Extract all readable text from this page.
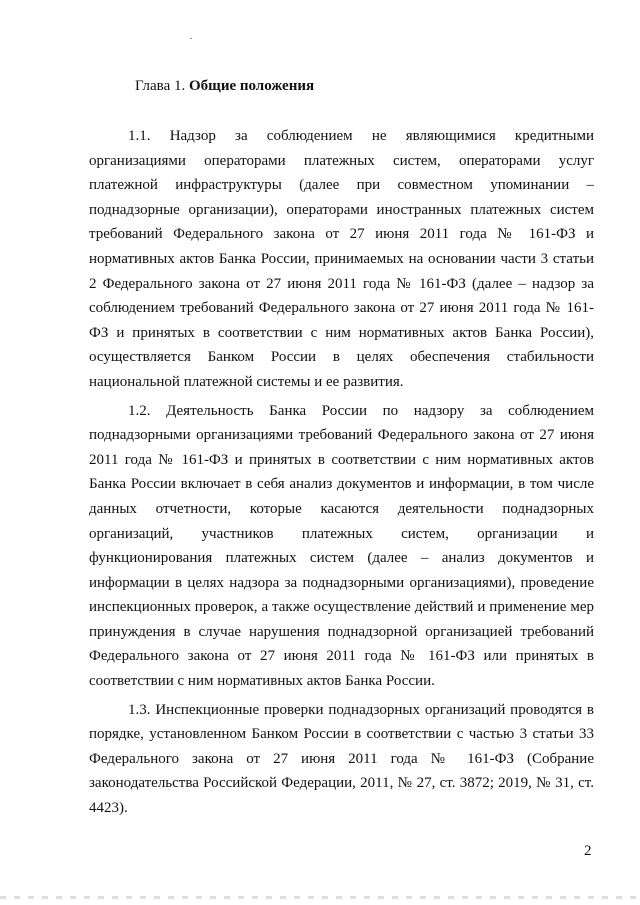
Глава 1. Общие положения

1.1. Надзор за соблюдением не являющимися кредитными организациями операторами платежных систем, операторами услуг платежной инфраструктуры (далее при совместном упоминании – поднадзорные организации), операторами иностранных платежных систем требований Федерального закона от 27 июня 2011 года № 161-ФЗ и нормативных актов Банка России, принимаемых на основании части 3 статьи 2 Федерального закона от 27 июня 2011 года № 161-ФЗ (далее – надзор за соблюдением требований Федерального закона от 27 июня 2011 года № 161-ФЗ и принятых в соответствии с ним нормативных актов Банка России), осуществляется Банком России в целях обеспечения стабильности национальной платежной системы и ее развития.

1.2. Деятельность Банка России по надзору за соблюдением поднадзорными организациями требований Федерального закона от 27 июня 2011 года № 161-ФЗ и принятых в соответствии с ним нормативных актов Банка России включает в себя анализ документов и информации, в том числе данных отчетности, которые касаются деятельности поднадзорных организаций, участников платежных систем, организации и функционирования платежных систем (далее – анализ документов и информации в целях надзора за поднадзорными организациями), проведение инспекционных проверок, а также осуществление действий и применение мер принуждения в случае нарушения поднадзорной организацией требований Федерального закона от 27 июня 2011 года № 161-ФЗ или принятых в соответствии с ним нормативных актов Банка России.

1.3. Инспекционные проверки поднадзорных организаций проводятся в порядке, установленном Банком России в соответствии с частью 3 статьи 33 Федерального закона от 27 июня 2011 года № 161-ФЗ (Собрание законодательства Российской Федерации, 2011, № 27, ст. 3872; 2019, № 31, ст. 4423).

2
